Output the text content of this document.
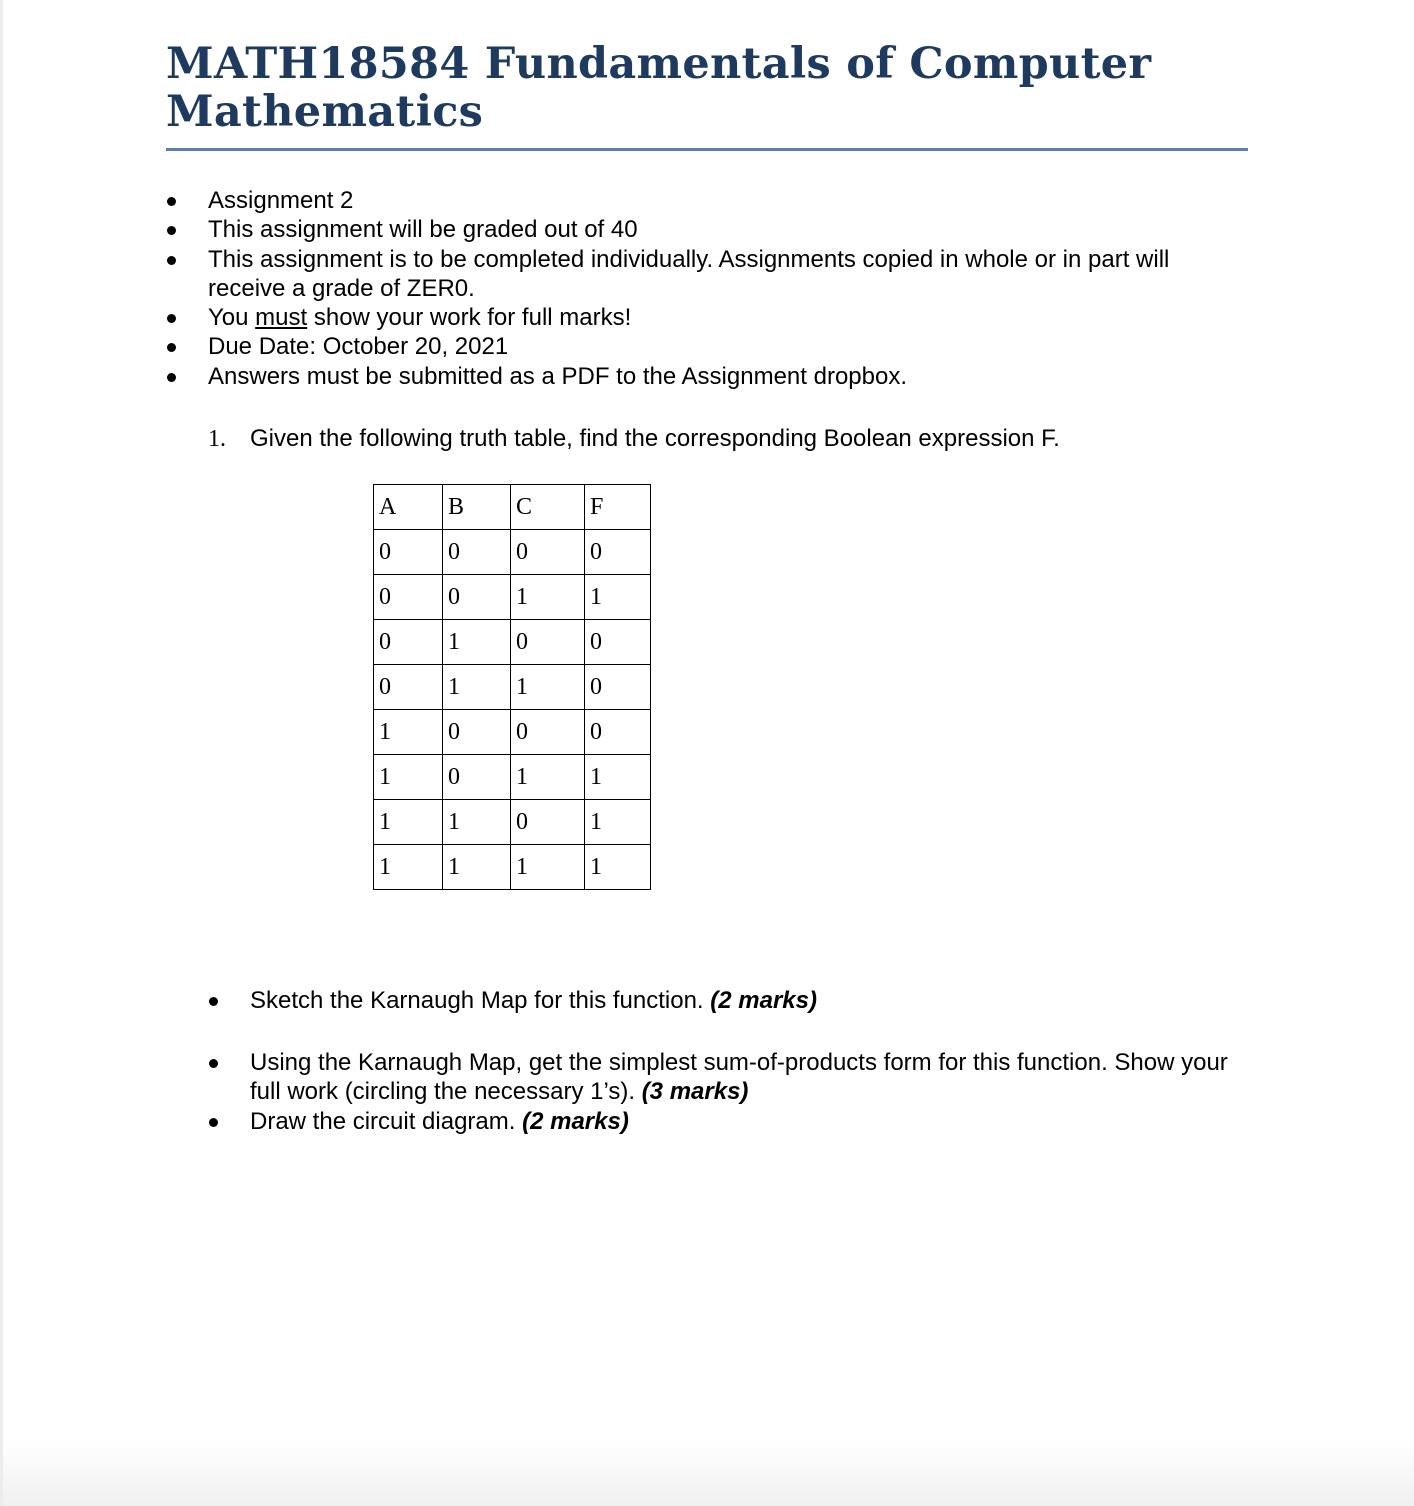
MATH18584 Fundamentals of Computer Mathematics
Assignment 2
This assignment will be graded out of 40
This assignment is to be completed individually. Assignments copied in whole or in part will receive a grade of ZER0.
You must show your work for full marks!
Due Date: October 20, 2021
Answers must be submitted as a PDF to the Assignment dropbox.
1. Given the following truth table, find the corresponding Boolean expression F.
A	B	C	F
0	0	0	0
0	0	1	1
0	1	0	0
0	1	1	0
1	0	0	0
1	0	1	1
1	1	0	1
1	1	1	1
Sketch the Karnaugh Map for this function. (2 marks)
Using the Karnaugh Map, get the simplest sum-of-products form for this function. Show your full work (circling the necessary 1’s). (3 marks)
Draw the circuit diagram. (2 marks)
